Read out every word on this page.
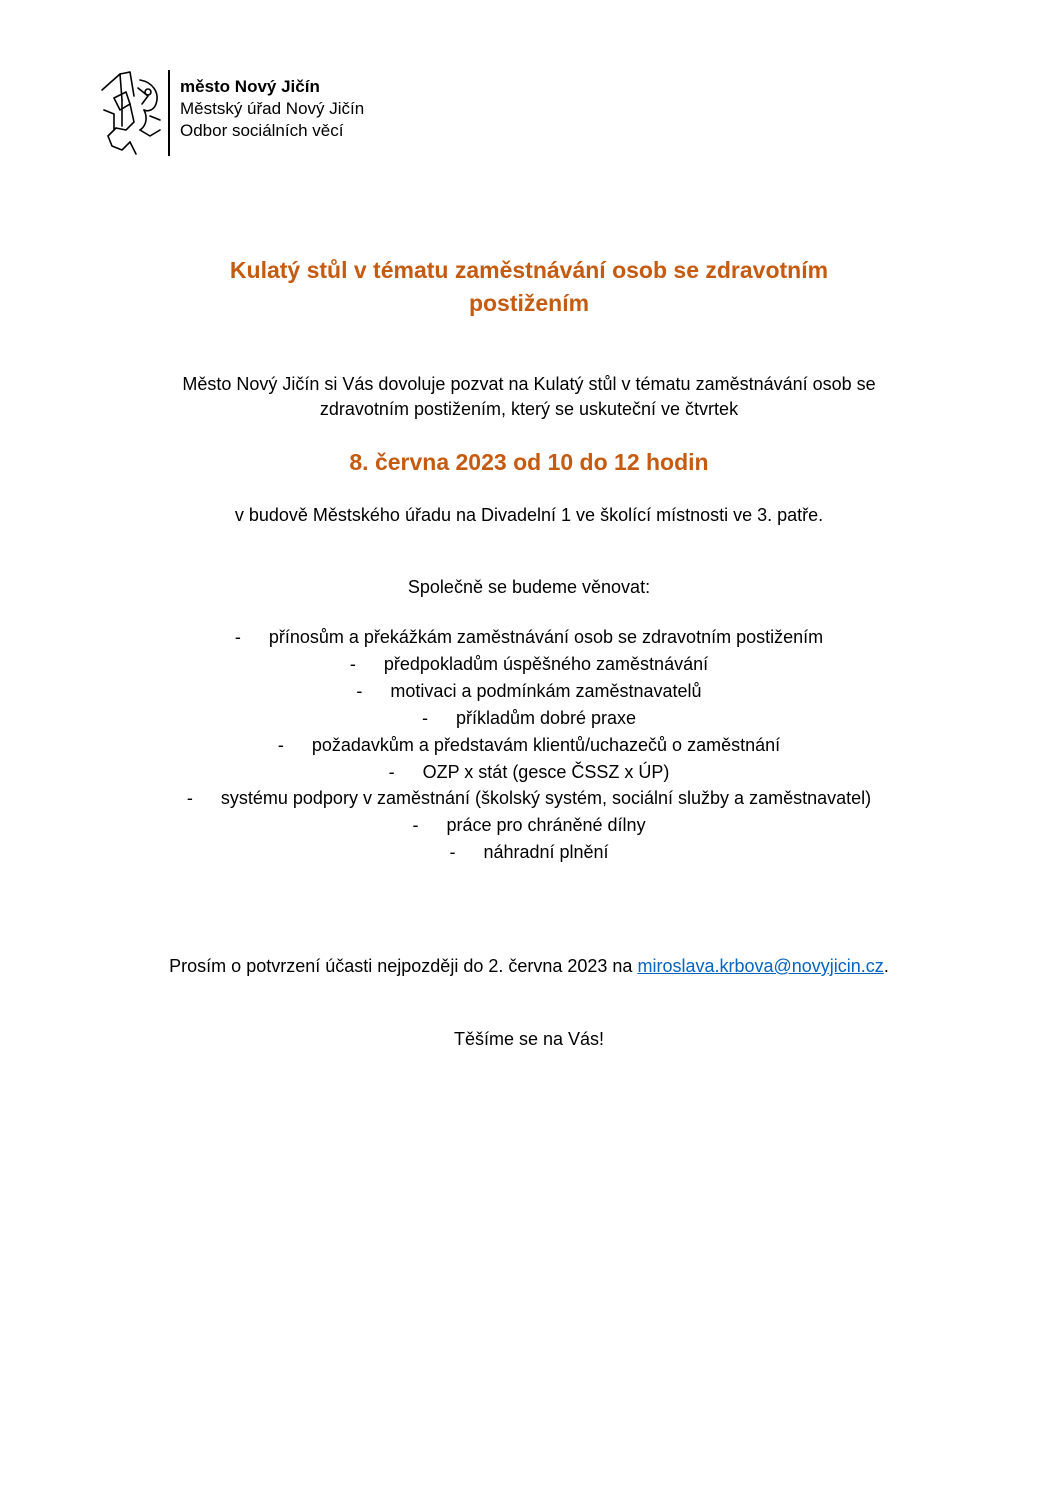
město Nový Jičín
Městský úřad Nový Jičín
Odbor sociálních věcí
Kulatý stůl v tématu zaměstnávání osob se zdravotním
postižením
Město Nový Jičín si Vás dovoluje pozvat na Kulatý stůl v tématu zaměstnávání osob se
zdravotním postižením, který se uskuteční ve čtvrtek
8. června 2023 od 10 do 12 hodin
v budově Městského úřadu na Divadelní 1 ve školící místnosti ve 3. patře.
Společně se budeme věnovat:
- přínosům a překážkám zaměstnávání osob se zdravotním postižením
- předpokladům úspěšného zaměstnávání
- motivaci a podmínkám zaměstnavatelů
- příkladům dobré praxe
- požadavkům a představám klientů/uchazečů o zaměstnání
- OZP x stát (gesce ČSSZ x ÚP)
- systému podpory v zaměstnání (školský systém, sociální služby a zaměstnavatel)
- práce pro chráněné dílny
- náhradní plnění
Prosím o potvrzení účasti nejpozději do 2. června 2023 na miroslava.krbova@novyjicin.cz.
Těšíme se na Vás!
